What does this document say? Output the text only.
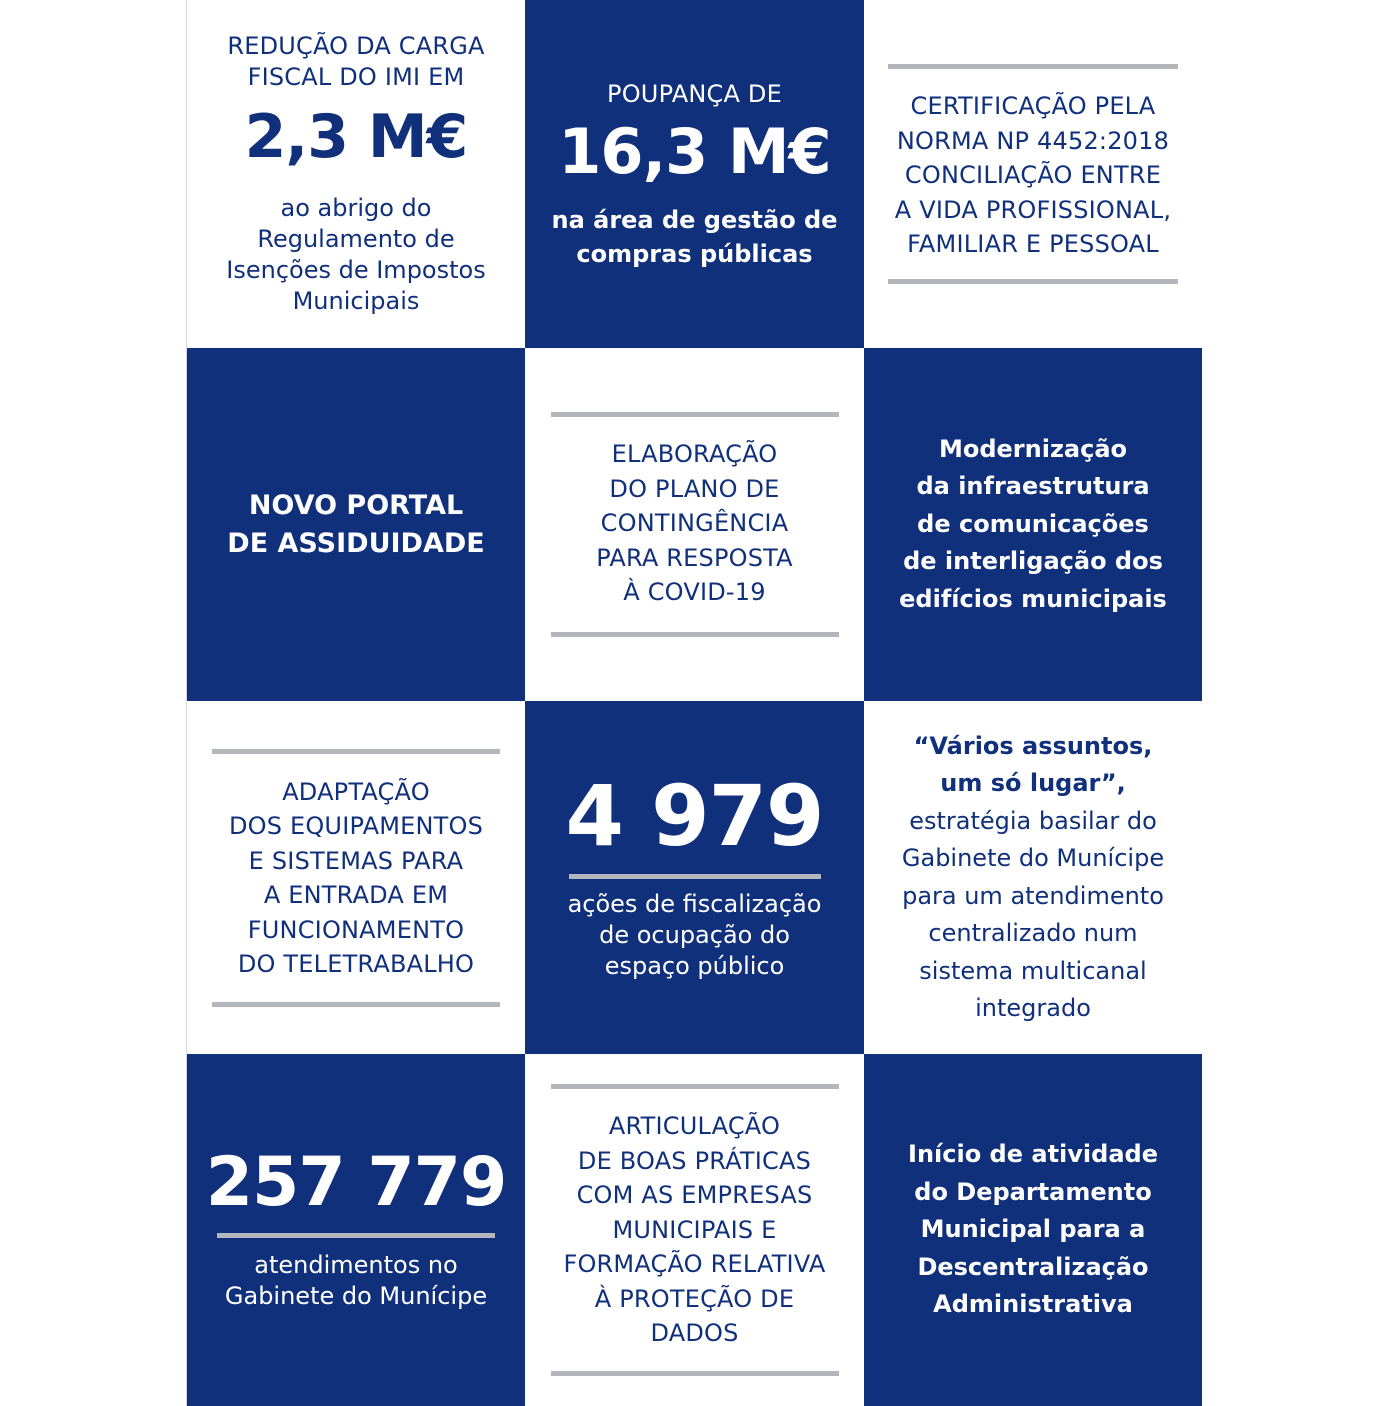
REDUÇÃO DA CARGA
FISCAL DO IMI EM
2,3 M€
ao abrigo do
Regulamento de
Isenções de Impostos
Municipais
POUPANÇA DE
16,3 M€
na área de gestão de
compras públicas
CERTIFICAÇÃO PELA
NORMA NP 4452:2018
CONCILIAÇÃO ENTRE
A VIDA PROFISSIONAL,
FAMILIAR E PESSOAL
NOVO PORTAL
DE ASSIDUIDADE
ELABORAÇÃO
DO PLANO DE
CONTINGÊNCIA
PARA RESPOSTA
À COVID-19
Modernização
da infraestrutura
de comunicações
de interligação dos
edifícios municipais
ADAPTAÇÃO
DOS EQUIPAMENTOS
E SISTEMAS PARA
A ENTRADA EM
FUNCIONAMENTO
DO TELETRABALHO
4 979
ações de fiscalização
de ocupação do
espaço público
“Vários assuntos,
um só lugar”,
estratégia basilar do
Gabinete do Munícipe
para um atendimento
centralizado num
sistema multicanal
integrado
257 779
atendimentos no
Gabinete do Munícipe
ARTICULAÇÃO
DE BOAS PRÁTICAS
COM AS EMPRESAS
MUNICIPAIS E
FORMAÇÃO RELATIVA
À PROTEÇÃO DE
DADOS
Início de atividade
do Departamento
Municipal para a
Descentralização
Administrativa
